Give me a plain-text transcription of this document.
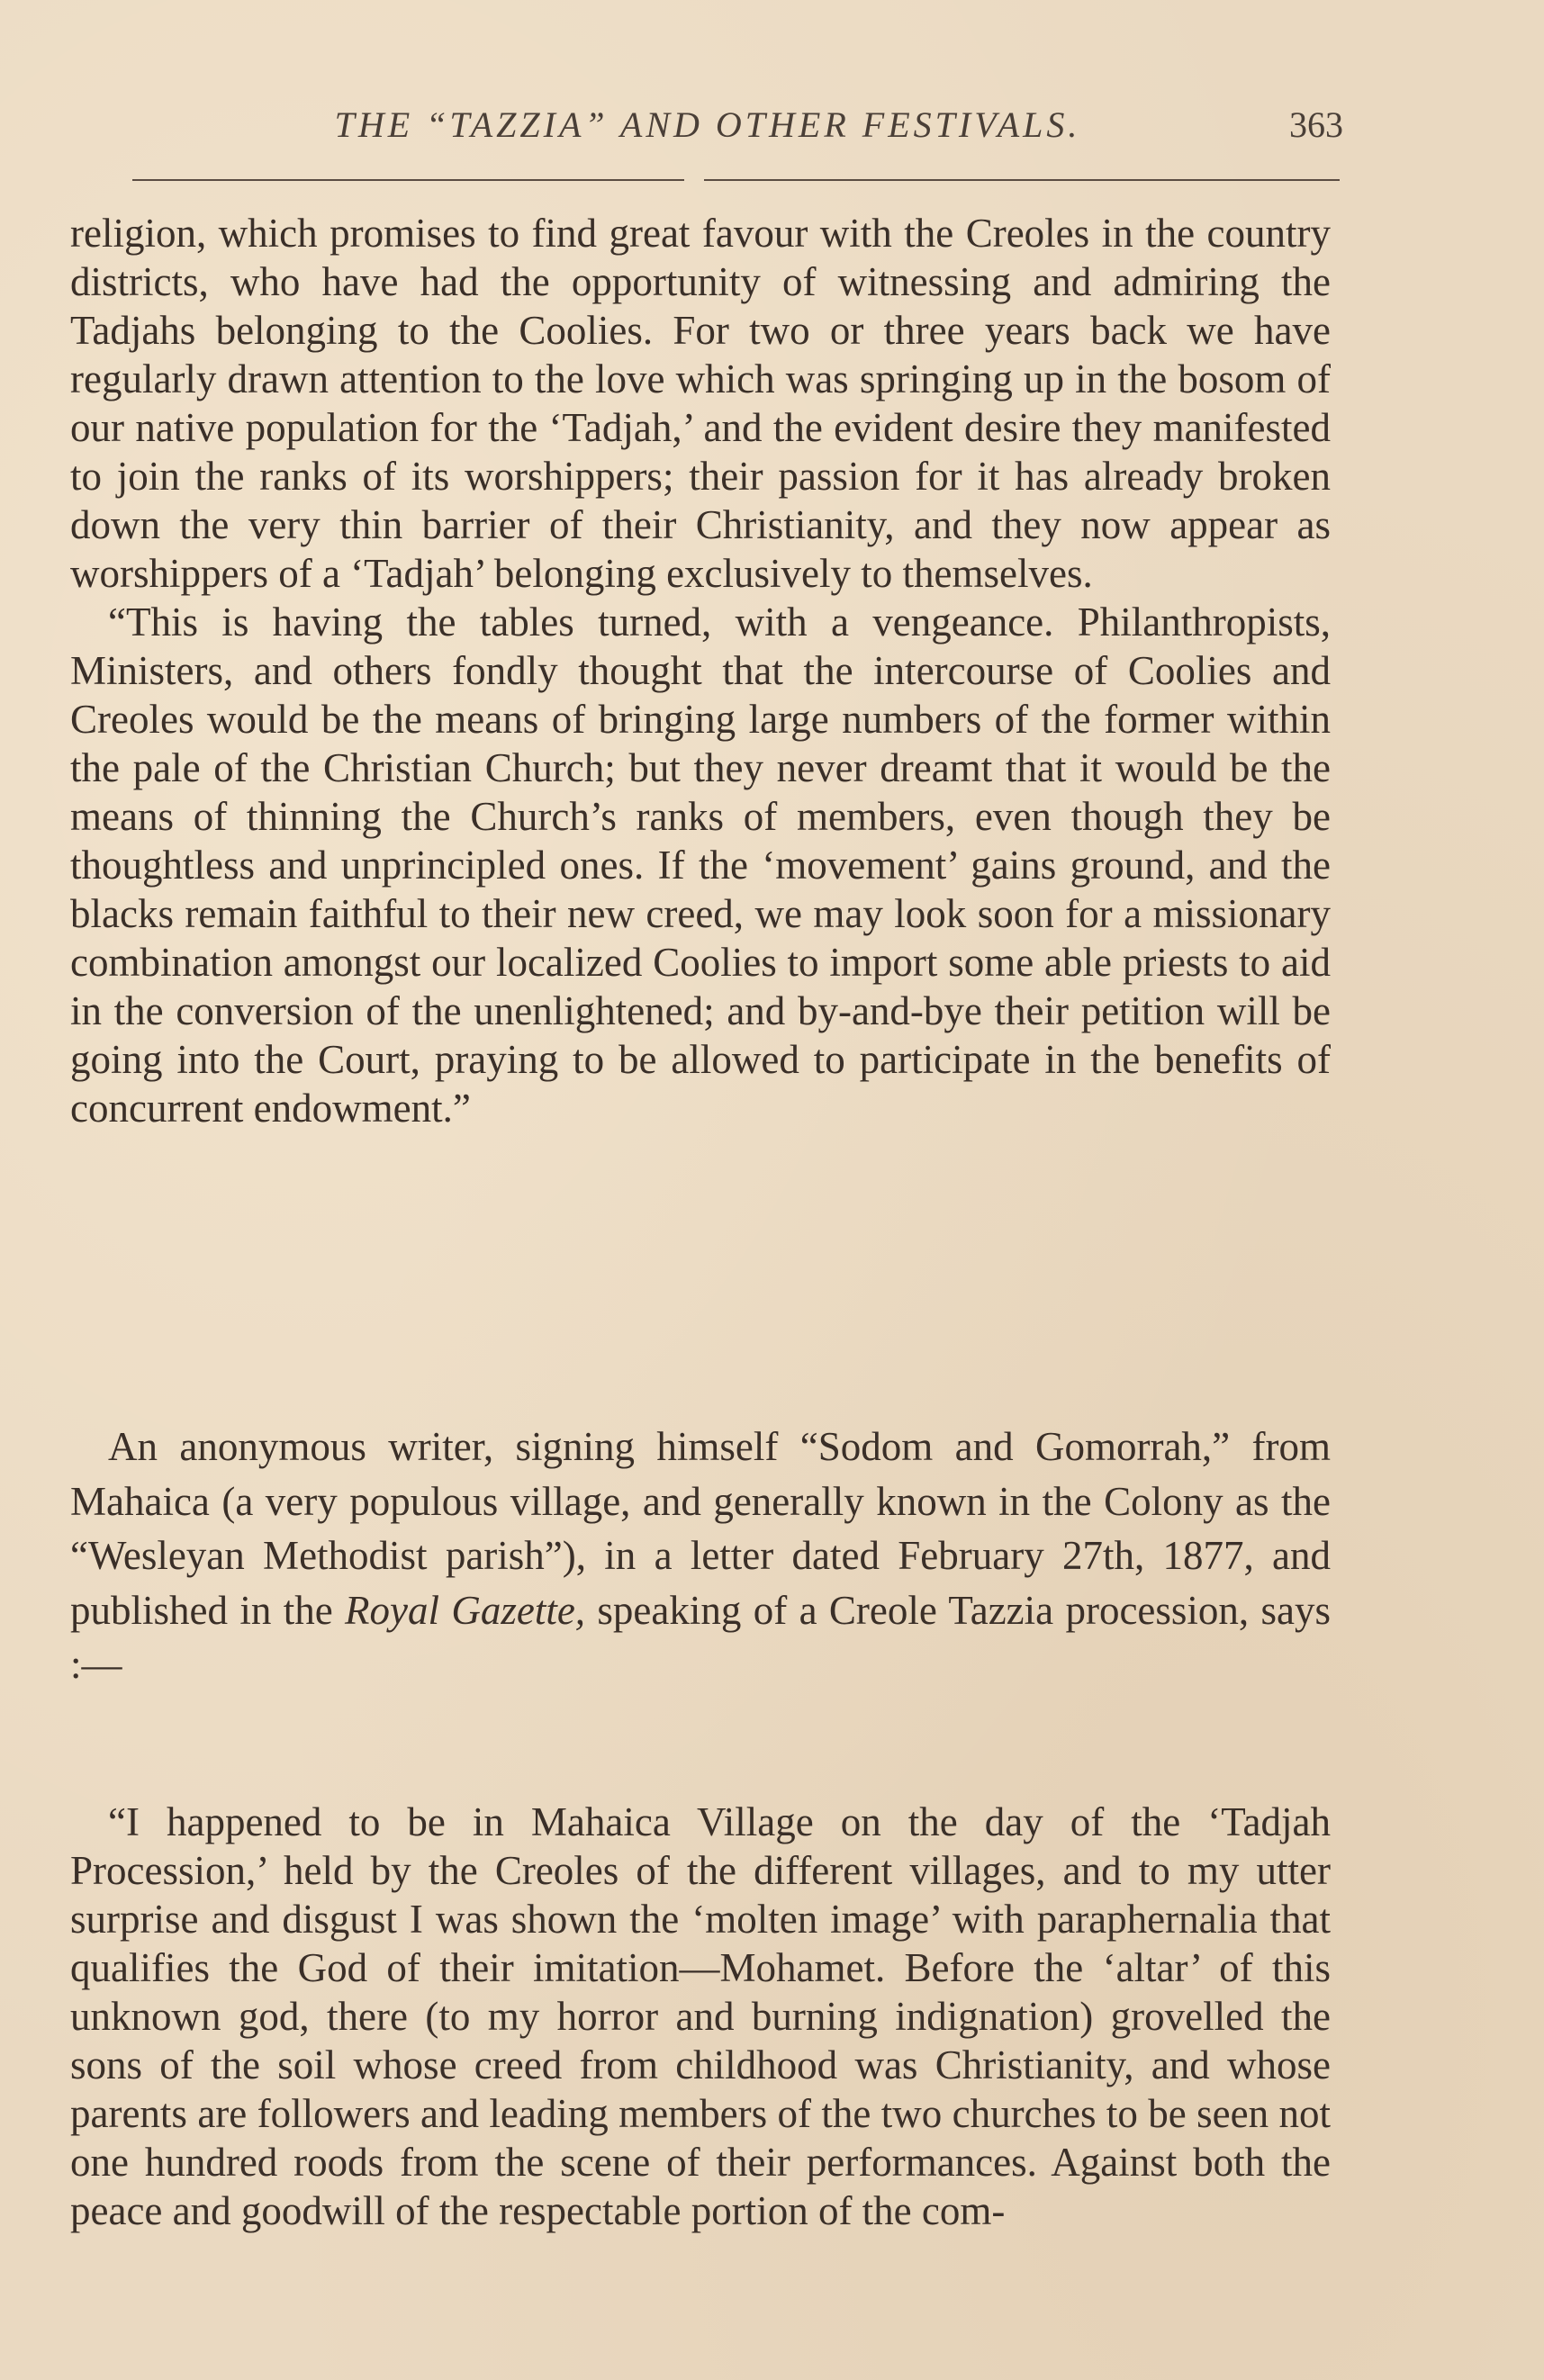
THE “TAZZIA” AND OTHER FESTIVALS.	363

religion, which promises to find great favour with the Creoles in the country districts, who have had the opportunity of witnessing and admiring the Tadjahs belonging to the Coolies. For two or three years back we have regularly drawn attention to the love which was springing up in the bosom of our native population for the ‘Tadjah,’ and the evident desire they manifested to join the ranks of its worshippers; their passion for it has already broken down the very thin barrier of their Christianity, and they now appear as worshippers of a ‘Tadjah’ belonging exclusively to themselves.

“This is having the tables turned, with a vengeance. Philanthropists, Ministers, and others fondly thought that the intercourse of Coolies and Creoles would be the means of bringing large numbers of the former within the pale of the Christian Church; but they never dreamt that it would be the means of thinning the Church’s ranks of members, even though they be thoughtless and unprincipled ones. If the ‘movement’ gains ground, and the blacks remain faithful to their new creed, we may look soon for a missionary combination amongst our localized Coolies to import some able priests to aid in the conversion of the unenlightened; and by-and-bye their petition will be going into the Court, praying to be allowed to participate in the benefits of concurrent endowment.”

An anonymous writer, signing himself “Sodom and Gomorrah,” from Mahaica (a very populous village, and generally known in the Colony as the “Wesleyan Methodist parish”), in a letter dated February 27th, 1877, and published in the Royal Gazette, speaking of a Creole Tazzia procession, says :—

“I happened to be in Mahaica Village on the day of the ‘Tadjah Procession,’ held by the Creoles of the different villages, and to my utter surprise and disgust I was shown the ‘molten image’ with paraphernalia that qualifies the God of their imitation—Mohamet. Before the ‘altar’ of this unknown god, there (to my horror and burning indignation) grovelled the sons of the soil whose creed from childhood was Christianity, and whose parents are followers and leading members of the two churches to be seen not one hundred roods from the scene of their performances. Against both the peace and goodwill of the respectable portion of the com-
